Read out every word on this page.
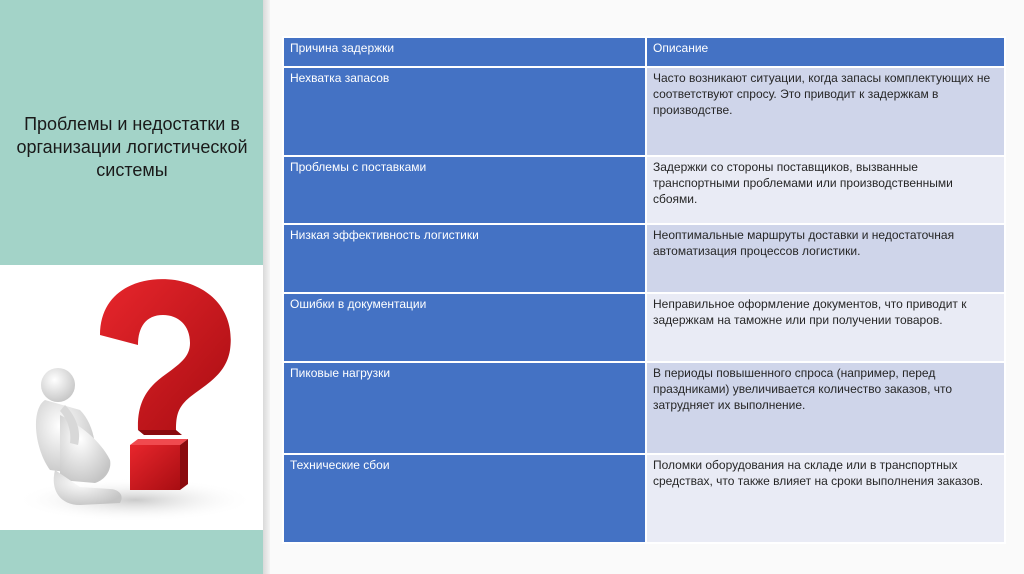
Проблемы и недостатки в организации логистической системы
Причина задержки	Описание
Нехватка запасов	Часто возникают ситуации, когда запасы комплектующих не соответствуют спросу. Это приводит к задержкам в производстве.
Проблемы с поставками	Задержки со стороны поставщиков, вызванные транспортными проблемами или производственными сбоями.
Низкая эффективность логистики	Неоптимальные маршруты доставки и недостаточная автоматизация процессов логистики.
Ошибки в документации	Неправильное оформление документов, что приводит к задержкам на таможне или при получении товаров.
Пиковые нагрузки	В периоды повышенного спроса (например, перед праздниками) увеличивается количество заказов, что затрудняет их выполнение.
Технические сбои	Поломки оборудования на складе или в транспортных средствах, что также влияет на сроки выполнения заказов.
